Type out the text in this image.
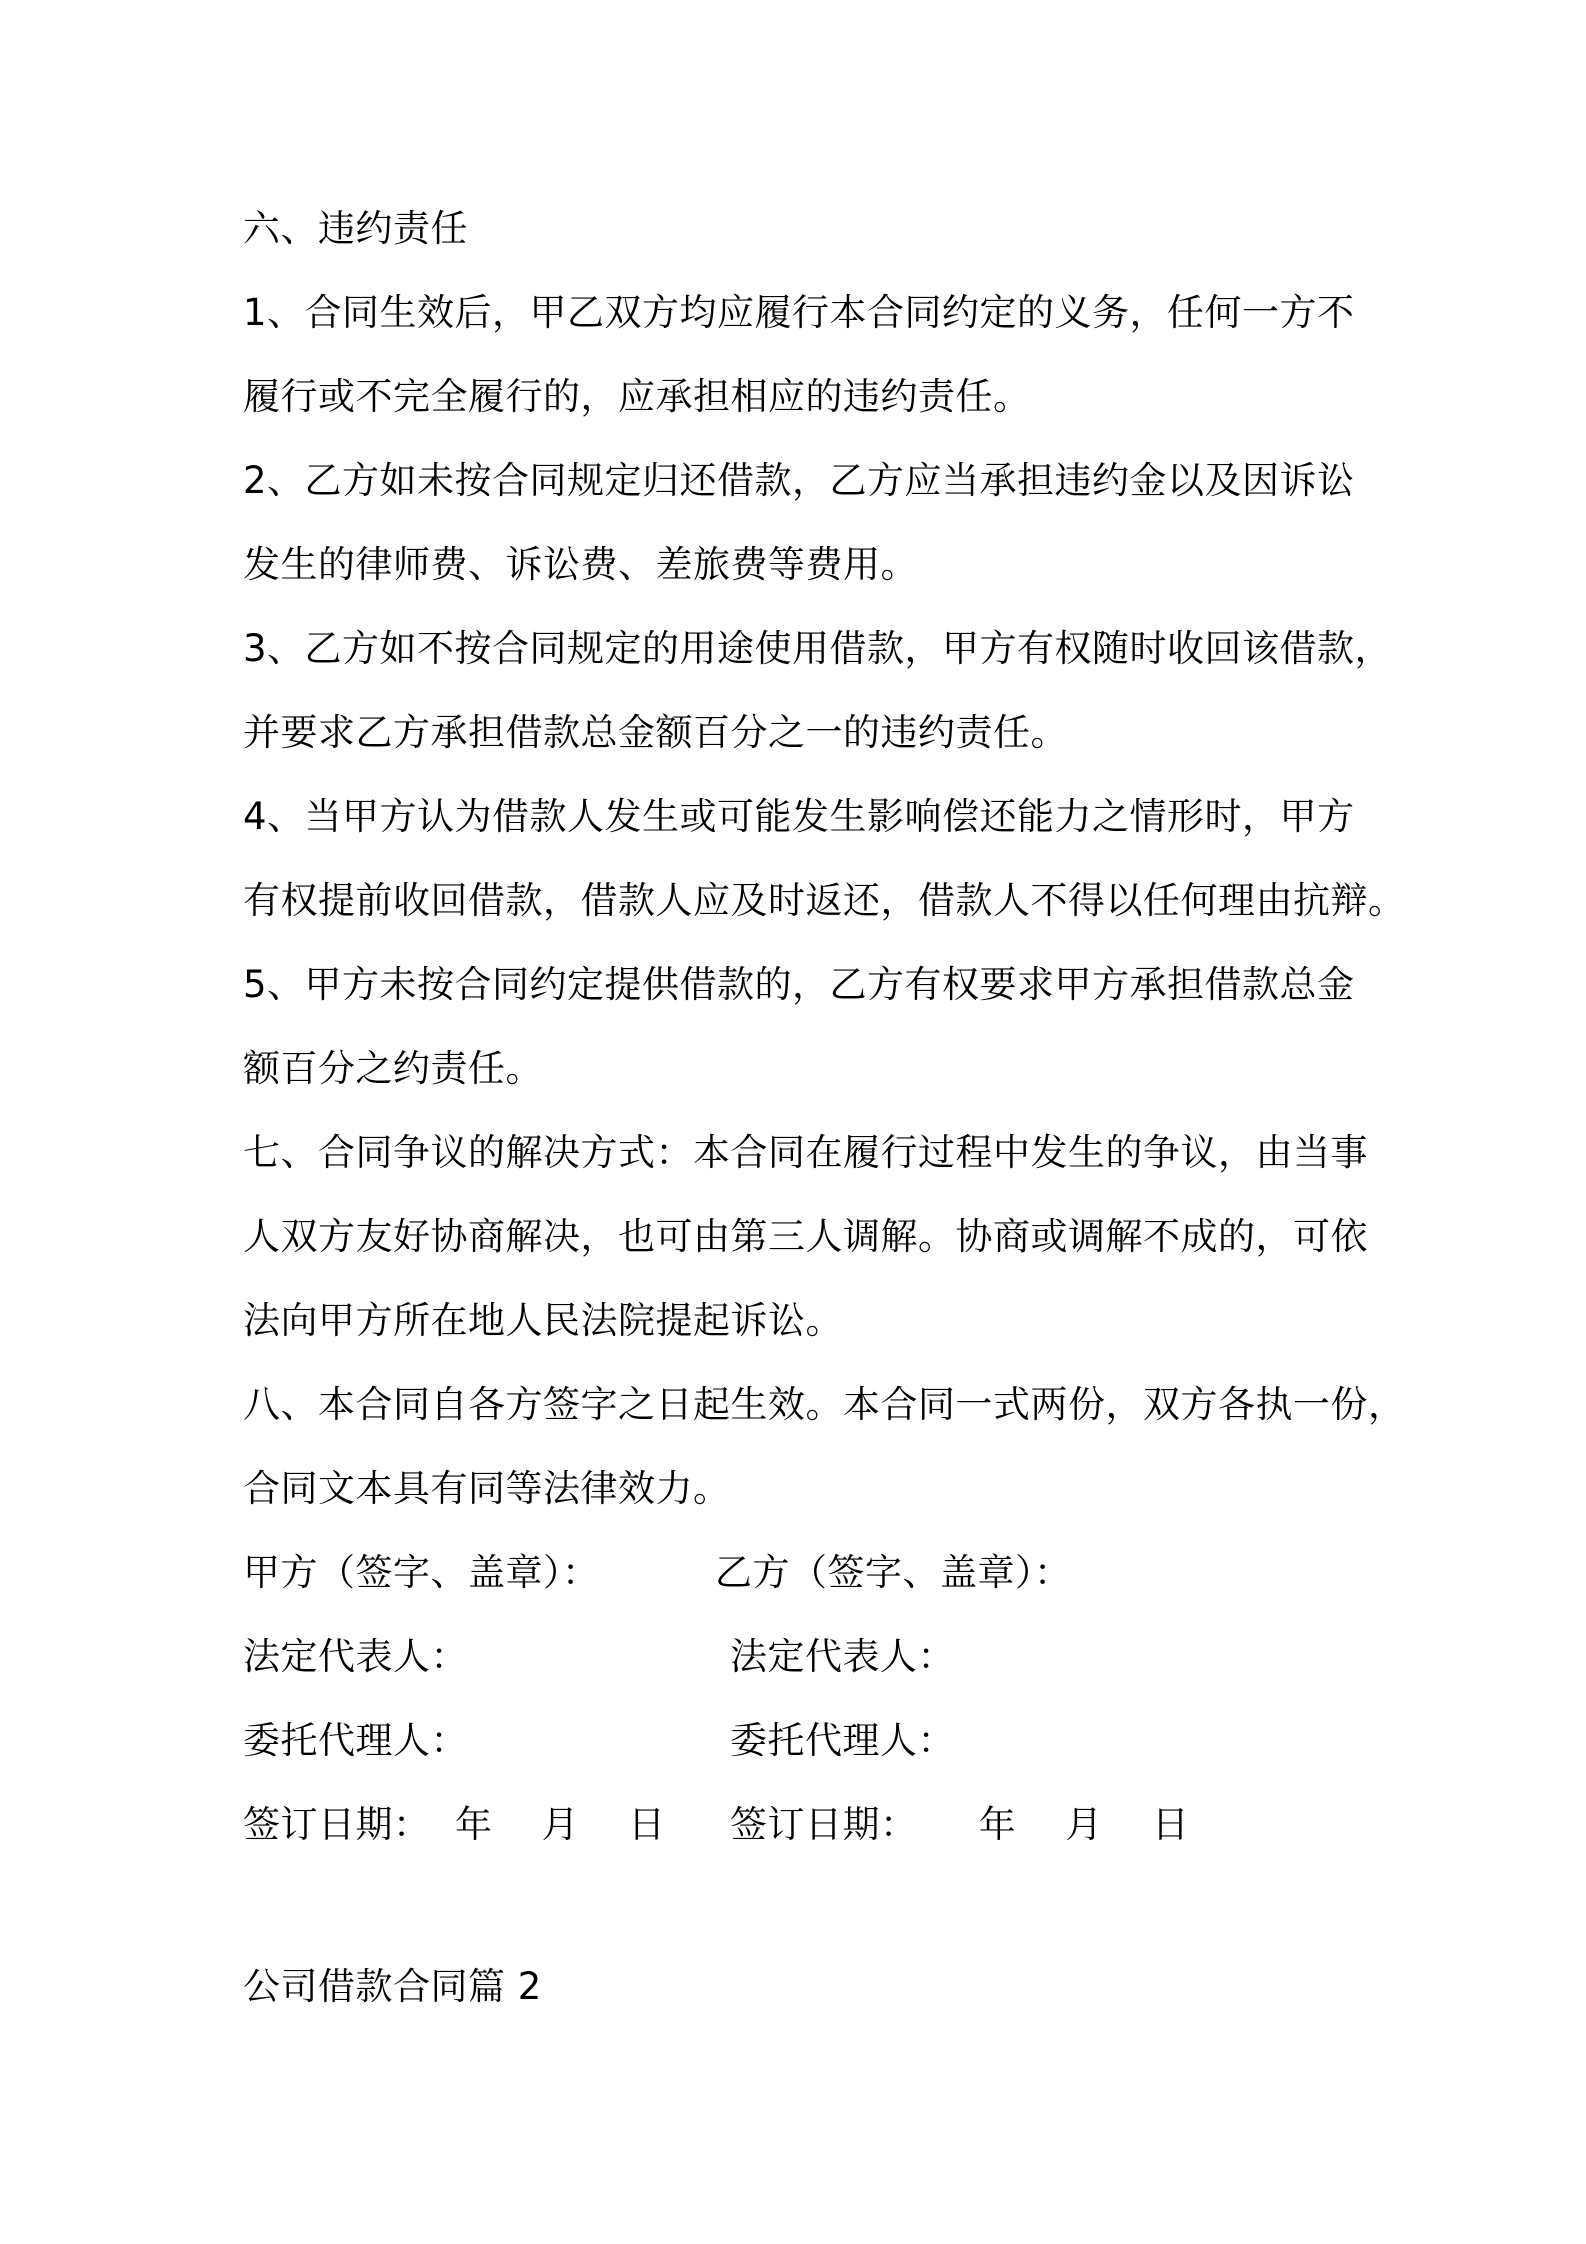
六、违约责任
1、合同生效后，甲乙双方均应履行本合同约定的义务，任何一方不
履行或不完全履行的，应承担相应的违约责任。
2、乙方如未按合同规定归还借款，乙方应当承担违约金以及因诉讼
发生的律师费、诉讼费、差旅费等费用。
3、乙方如不按合同规定的用途使用借款，甲方有权随时收回该借款，
并要求乙方承担借款总金额百分之一的违约责任。
4、当甲方认为借款人发生或可能发生影响偿还能力之情形时，甲方
有权提前收回借款，借款人应及时返还，借款人不得以任何理由抗辩。
5、甲方未按合同约定提供借款的，乙方有权要求甲方承担借款总金
额百分之约责任。
七、合同争议的解决方式：本合同在履行过程中发生的争议，由当事
人双方友好协商解决，也可由第三人调解。协商或调解不成的，可依
法向甲方所在地人民法院提起诉讼。
八、本合同自各方签字之日起生效。本合同一式两份，双方各执一份，
合同文本具有同等法律效力。
甲方（签字、盖章）：	乙方（签字、盖章）：
法定代表人：	法定代表人：
委托代理人：	委托代理人：
签订日期：  年    月    日 签订日期：     年    月    日
公司借款合同篇 2
